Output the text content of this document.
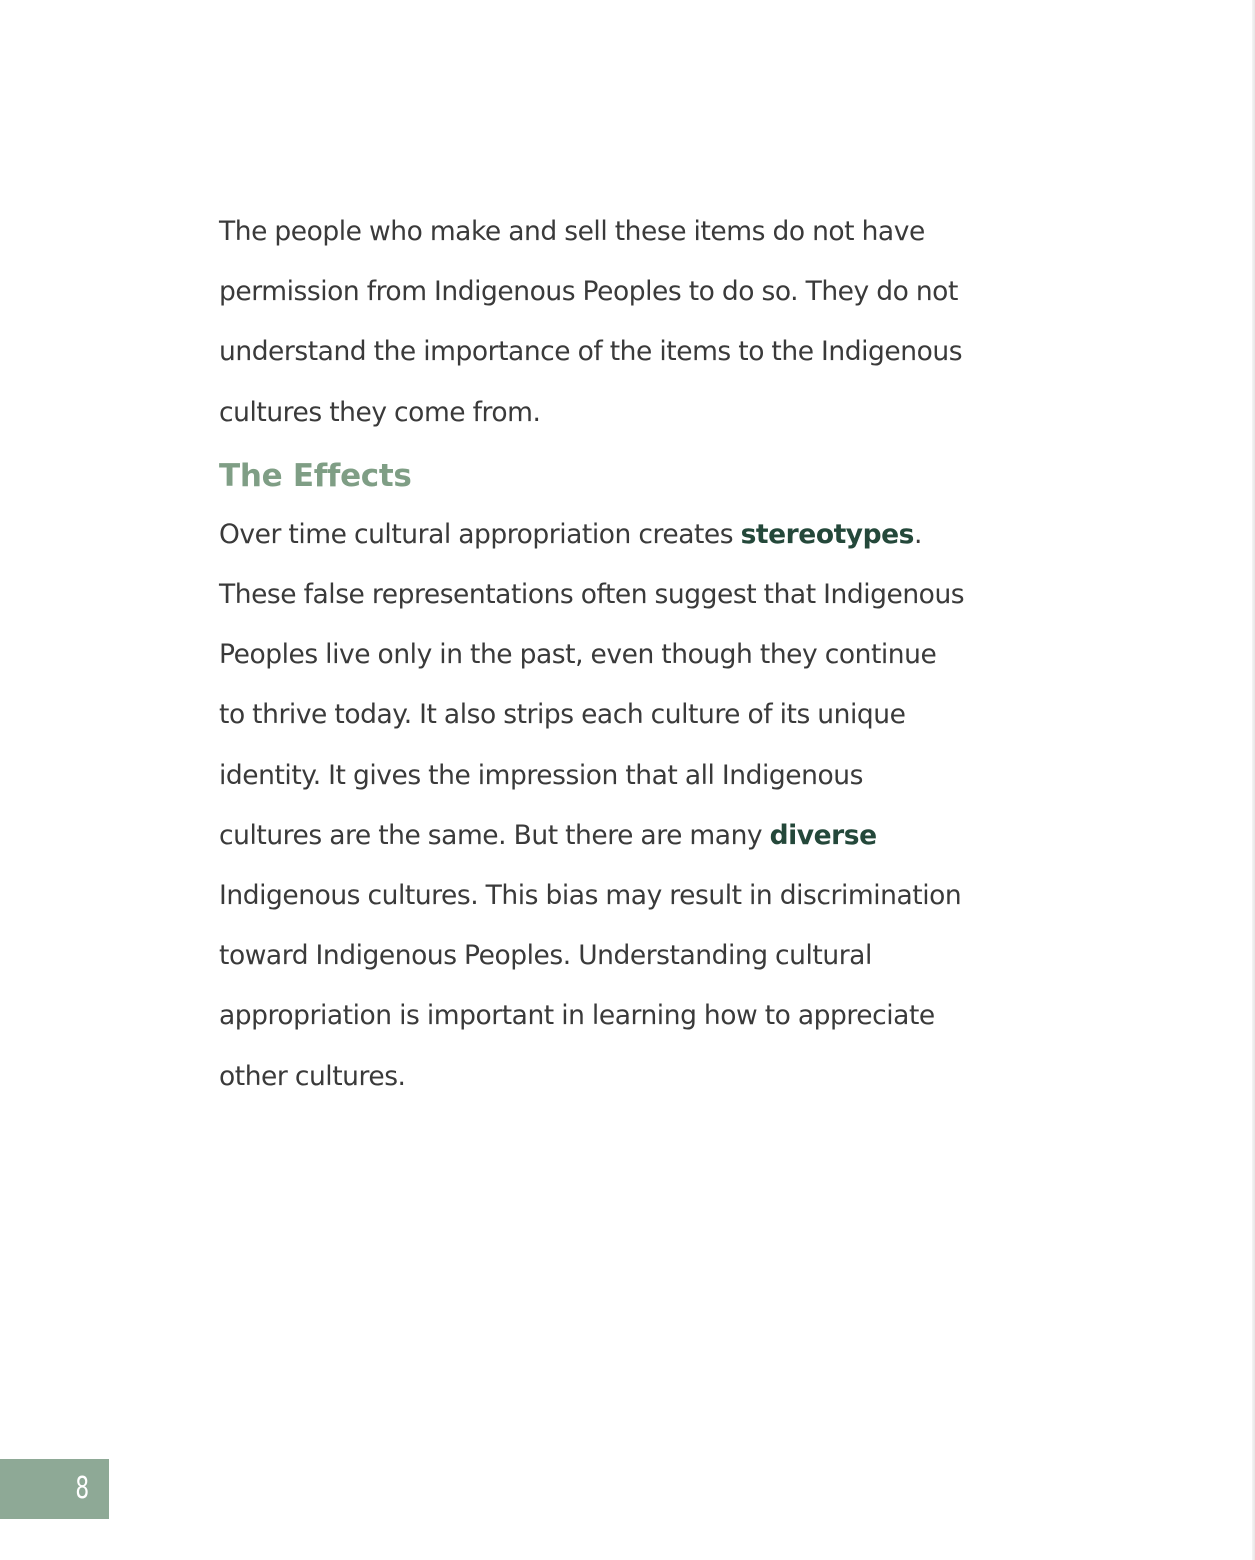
The people who make and sell these items do not have
permission from Indigenous Peoples to do so. They do not
understand the importance of the items to the Indigenous
cultures they come from.

The Effects

Over time cultural appropriation creates stereotypes.
These false representations often suggest that Indigenous
Peoples live only in the past, even though they continue
to thrive today. It also strips each culture of its unique
identity. It gives the impression that all Indigenous
cultures are the same. But there are many diverse
Indigenous cultures. This bias may result in discrimination
toward Indigenous Peoples. Understanding cultural
appropriation is important in learning how to appreciate
other cultures.

8
